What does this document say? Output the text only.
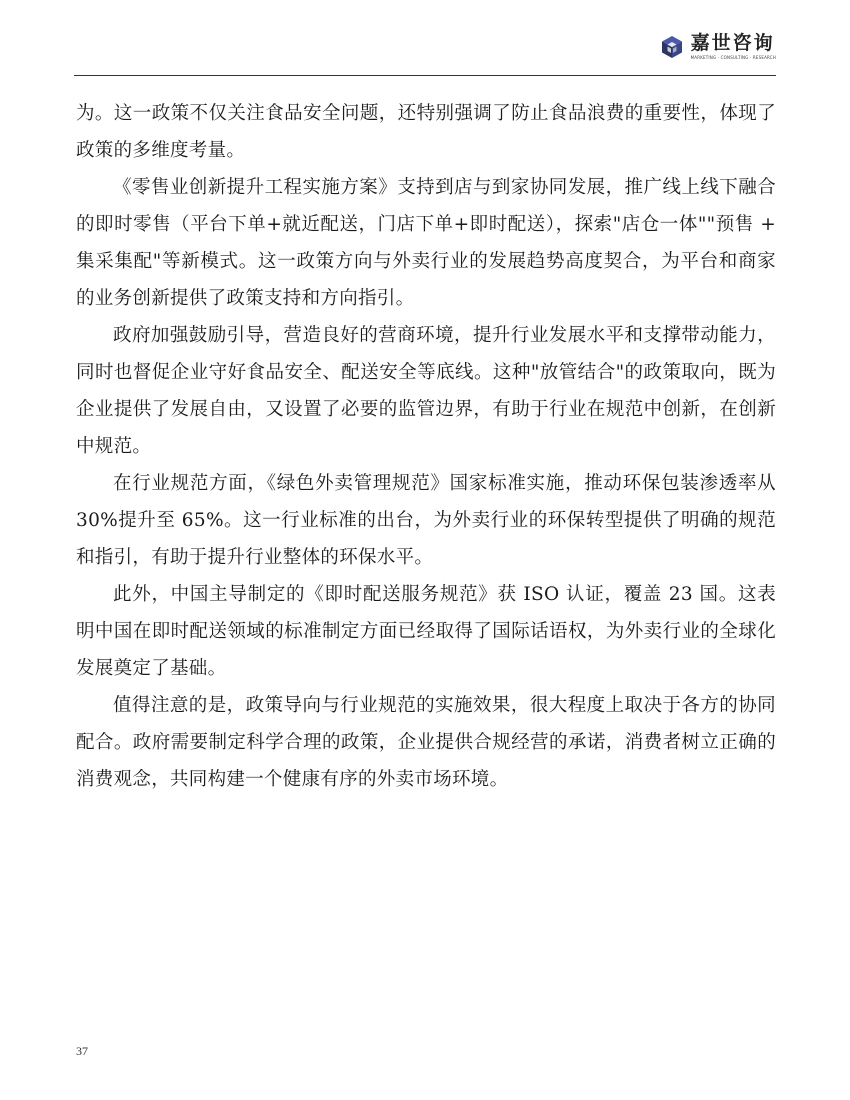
嘉世咨询
MARKETING · CONSULTING · RESEARCH

为。这一政策不仅关注食品安全问题，还特别强调了防止食品浪费的重要性，体现了政策的多维度考量。

《零售业创新提升工程实施方案》支持到店与到家协同发展，推广线上线下融合的即时零售（平台下单+就近配送，门店下单+即时配送），探索"店仓一体""预售 + 集采集配"等新模式。这一政策方向与外卖行业的发展趋势高度契合，为平台和商家的业务创新提供了政策支持和方向指引。

政府加强鼓励引导，营造良好的营商环境，提升行业发展水平和支撑带动能力，同时也督促企业守好食品安全、配送安全等底线。这种"放管结合"的政策取向，既为企业提供了发展自由，又设置了必要的监管边界，有助于行业在规范中创新，在创新中规范。

在行业规范方面，《绿色外卖管理规范》国家标准实施，推动环保包装渗透率从 30%提升至 65%。这一行业标准的出台，为外卖行业的环保转型提供了明确的规范和指引，有助于提升行业整体的环保水平。

此外，中国主导制定的《即时配送服务规范》获 ISO 认证，覆盖 23 国。这表明中国在即时配送领域的标准制定方面已经取得了国际话语权，为外卖行业的全球化发展奠定了基础。

值得注意的是，政策导向与行业规范的实施效果，很大程度上取决于各方的协同配合。政府需要制定科学合理的政策，企业提供合规经营的承诺，消费者树立正确的消费观念，共同构建一个健康有序的外卖市场环境。

37
